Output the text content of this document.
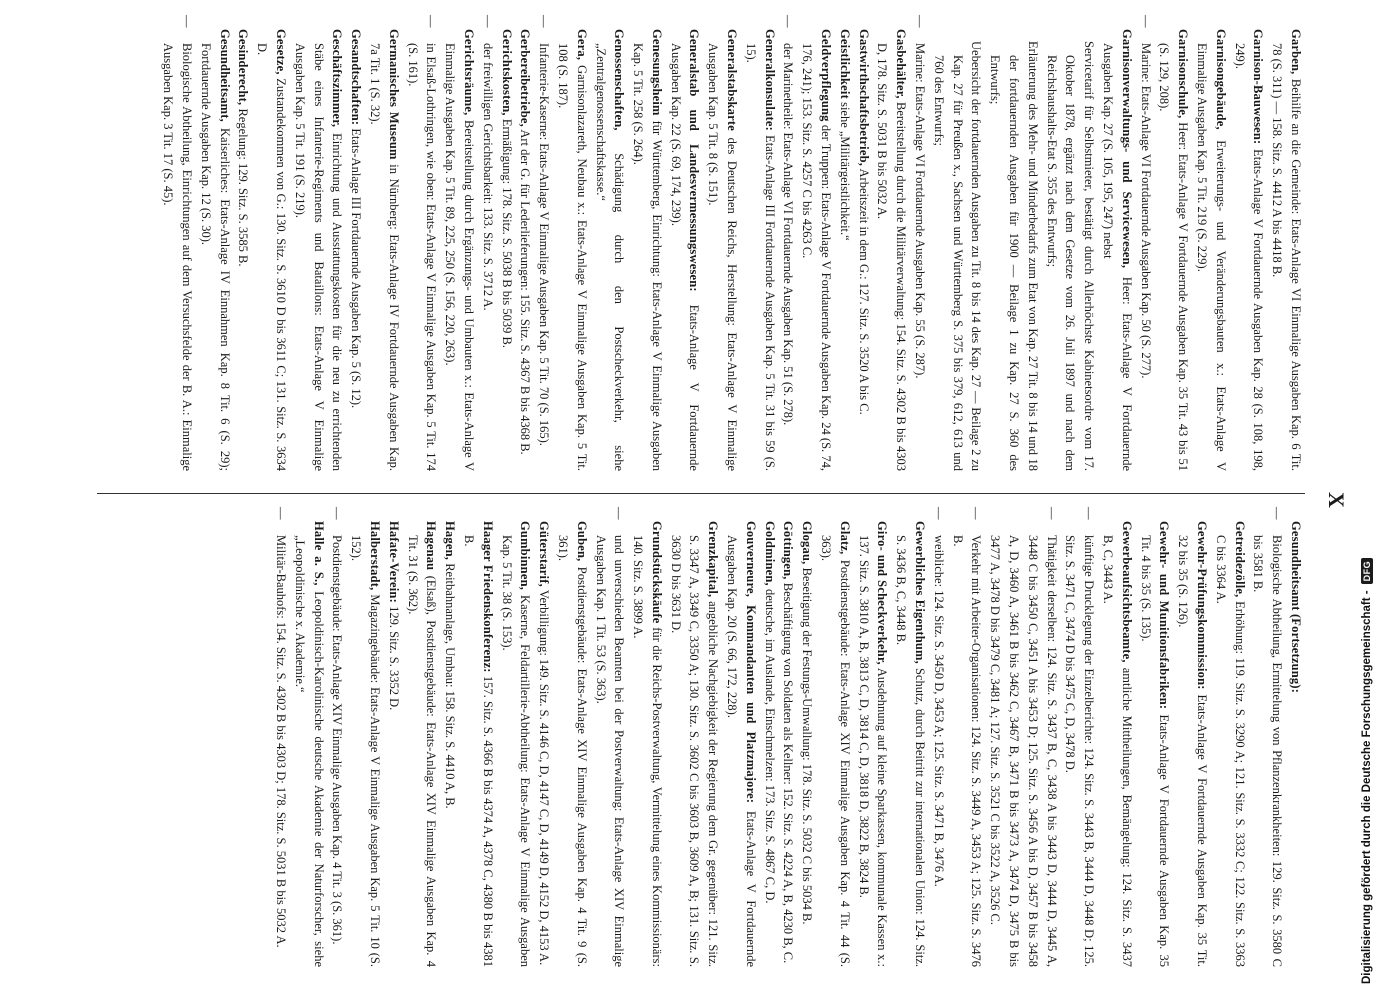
X

Garben, Beihilfe an die Gemeinde: Etats-Anlage VI Einmalige Ausgaben Kap. 6 Tit. 78 (S. 311) — 158. Sitz. S. 4412 A bis 4418 B.

Garnison-Bauwesen: Etats-Anlage V Fortdauernde Ausgaben Kap. 28 (S. 108, 198, 249).

Garnisongebäude, Erweiterungs- und Veränderungsbauten x.: Etats-Anlage V Einmalige Ausgaben Kap. 5 Tit. 219 (S. 229).

Garnisonschule, Heer: Etats-Anlage V Fortdauernde Ausgaben Kap. 35 Tit. 43 bis 51 (S. 129, 208).

—Marine: Etats-Anlage VI Fortdauernde Ausgaben Kap. 50 (S. 277).

Garnisonverwaltungs- und Servicewesen, Heer: Etats-Anlage V Fortdauernde Ausgaben Kap. 27 (S. 105, 195, 247) nebst

Servicetarif für Selbstmieter, bestätigt durch Allerhöchste Kabinetsordre vom 17. Oktober 1878, ergänzt nach dem Gesetze vom 26. Juli 1897 und nach dem Reichshaushalts-Etat S. 355 des Entwurfs;

Erläuterung des Mehr- und Minderbedarfs zum Etat von Kap. 27 Tit. 8 bis 14 und 18 der fortdauernden Ausgaben für 1900 — Beilage 1 zu Kap. 27 S. 360 des Entwurfs;

Uebersicht der fortdauernden Ausgaben zu Tit. 8 bis 14 des Kap. 27 — Beilage 2 zu Kap. 27 für Preußen x., Sachsen und Württemberg S. 375 bis 379, 612, 613 und 760 des Entwurfs;

—Marine: Etats-Anlage VI Fortdauernde Ausgaben Kap. 55 (S. 287).

Gasbehälter, Bereitstellung durch die Militärverwaltung: 154. Sitz. S. 4302 B bis 4303 D, 178. Sitz. S. 5031 B bis 5032 A.

Gastwirthschaftsbetrieb, Arbeitszeit in dem G.: 127. Sitz. S. 3520 A bis C.

Geistlichkeit siehe „Militärgeistlichkeit.“

Geldverpflegung der Truppen: Etats-Anlage V Fortdauernde Ausgaben Kap. 24 (S. 74, 176, 241); 153. Sitz. S. 4257 C bis 4263 C.

—der Marinetheile: Etats-Anlage VI Fortdauernde Ausgaben Kap. 51 (S. 278).

Generalkonsulate: Etats-Anlage III Fortdauernde Ausgaben Kap. 5 Tit. 31 bis 59 (S. 15).

Generalstabskarte des Deutschen Reichs, Herstellung: Etats-Anlage V Einmalige Ausgaben Kap. 5 Tit. 8 (S. 151).

Generalstab und Landesvermessungswesen: Etats-Anlage V Fortdauernde Ausgaben Kap. 22 (S. 69, 174, 239).

Genesungsheim für Württemberg, Einrichtung: Etats-Anlage V Einmalige Ausgaben Kap. 5 Tit. 258 (S. 264).

Genossenschaften, Schädigung durch den Postscheckverkehr, siehe „Zentralgenossenschaftskasse.“

Gera, Garnisonlazareth, Neubau x.: Etats-Anlage V Einmalige Ausgaben Kap. 5 Tit. 108 (S. 187).

—Infanterie-Kaserne: Etats-Anlage V Einmalige Ausgaben Kap. 5 Tit. 70 (S. 165).

Gerbereibetriebe, Art der G. für Lederlieferungen: 155. Sitz. S. 4367 B bis 4368 B.

Gerichtskosten, Ermäßigung: 178. Sitz. S. 5038 B bis 5039 B.

—der freiwilligen Gerichtsbarkeit: 133. Sitz. S. 3712 A.

Gerichtsräume, Bereitstellung durch Ergänzungs- und Umbauten x.: Etats-Anlage V Einmalige Ausgaben Kap. 5 Tit. 89, 225, 250 (S. 156, 220, 263).

—in Elsaß-Lothringen, wie oben: Etats-Anlage V Einmalige Ausgaben Kap. 5 Tit. 174 (S. 161).

Germanisches Museum in Nürnberg: Etats-Anlage IV Fortdauernde Ausgaben Kap. 7a Tit. 1 (S. 32).

Gesandtschaften: Etats-Anlage III Fortdauernde Ausgaben Kap. 5 (S. 12).

Geschäftszimmer, Einrichtung und Ausstattungskosten für die neu zu errichtenden Stäbe eines Infanterie-Regiments und Bataillons: Etats-Anlage V Einmalige Ausgaben Kap. 5 Tit. 191 (S. 219).

Gesetze, Zustandekommen von G.: 130. Sitz. S. 3610 D bis 3611 C; 131. Sitz. S. 3634 D.

Gesinderecht, Regelung: 129. Sitz. S. 3585 B.

Gesundheitsamt, Kaiserliches: Etats-Anlage IV Einnahmen Kap. 8 Tit. 6 (S. 29); Fortdauernde Ausgaben Kap. 12 (S. 30).

—Biologische Abtheilung, Einrichtungen auf dem Versuchsfelde der B. A.: Einmalige Ausgaben Kap. 3 Tit. 17 (S. 45).

Gesundheitsamt (Fortsetzung):

—Biologische Abtheilung, Ermittelung von Pflanzenkrankheiten: 129. Sitz. S. 3580 C bis 3581 B.

Getreidezölle, Erhöhung: 119. Sitz. S. 3290 A; 121. Sitz. S. 3332 C; 122. Sitz. S. 3363 C bis 3364 A.

Gewehr-Prüfungskommission: Etats-Anlage V Fortdauernde Ausgaben Kap. 35 Tit. 32 bis 35 (S. 126).

Gewehr- und Munitionsfabriken: Etats-Anlage V Fortdauernde Ausgaben Kap. 35 Tit. 4 bis 35 (S. 135).

Gewerbeaufsichtsbeamte, amtliche Mittheilungen, Bemängelung: 124. Sitz. S. 3437 B, C, 3443 A.

—künftige Drucklegung der Einzelberichte: 124. Sitz. S. 3443 B, 3444 D, 3448 D; 125. Sitz. S. 3471 C, 3474 D bis 3475 C, D, 3478 D.

—Thätigkeit derselben: 124. Sitz. S. 3437 B, C, 3438 A bis 3443 D, 3444 D, 3445 A, 3448 C bis 3450 C, 3451 A bis 3453 D; 125. Sitz. S. 3456 A bis D, 3457 B bis 3458 A, D, 3460 A, 3461 B bis 3462 C, 3467 B, 3471 B bis 3473 A, 3474 D, 3475 B bis 3477 A, 3478 D bis 3479 C, 3481 A; 127. Sitz. S. 3521 C bis 3522 A, 3526 C.

—Verkehr mit Arbeiter-Organisationen: 124. Sitz. S. 3449 A, 3453 A; 125. Sitz. S. 3476 B.

—weibliche: 124. Sitz. S. 3450 D, 3453 A; 125. Sitz. S. 3471 B, 3476 A.

Gewerbliches Eigenthum, Schutz, durch Beitritt zur internationalen Union: 124. Sitz. S. 3436 B, C, 3448 B.

Giro- und Scheckverkehr, Ausdehnung auf kleine Sparkassen, kommunale Kassen x.: 137. Sitz. S. 3810 A, B, 3813 C, D, 3814 C, D, 3818 D, 3822 B, 3824 B.

Glatz, Postdienstgebäude: Etats-Anlage XIV Einmalige Ausgaben Kap. 4 Tit. 44 (S. 363).

Glogau, Beseitigung der Festungs-Umwallung: 178. Sitz. S. 5032 C bis 5034 B.

Göttingen, Beschäftigung von Soldaten als Kellner: 152. Sitz. S. 4224 A, B, 4230 B, C.

Goldminen, deutsche, im Auslande, Einschmelzen: 173. Sitz. S. 4867 C, D.

Gouverneure, Kommandanten und Platzmajore: Etats-Anlage V Fortdauernde Ausgaben Kap. 20 (S. 66, 172, 228).

Grenzkapital, angebliche Nachgiebigkeit der Regierung dem Gr. gegenüber: 121. Sitz. S. 3347 A, 3349 C, 3350 A; 130. Sitz. S. 3602 C bis 3603 B, 3609 A, B; 131. Sitz. S. 3630 D bis 3631 D.

Grundstückskäufe für die Reichs-Postverwaltung, Vermittelung eines Kommissionärs: 140. Sitz. S. 3899 A.

—und unverschieden Beamten bei der Postverwaltung: Etats-Anlage XIV Einmalige Ausgaben Kap. 1 Tit. 53 (S. 363).

Guben, Postdienstgebäude: Etats-Anlage XIV Einmalige Ausgaben Kap. 4 Tit. 9 (S. 361).

Güterstarif, Verbilligung: 149. Sitz. S. 4146 C, D, 4147 C, D, 4149 D, 4152 D, 4153 A.

Gumbinnen, Kaserne, Feldartillerie-Abtheilung: Etats-Anlage V Einmalige Ausgaben Kap. 5 Tit. 38 (S. 153).

Haager Friedenskonferenz: 157. Sitz. S. 4366 B bis 4374 A, 4378 C, 4380 B bis 4381 B.

Hagen, Reitbahnanlage, Umbau: 158. Sitz. S. 4410 A, B.

Hagenau (Elsaß), Postdienstgebäude: Etats-Anlage XIV Einmalige Ausgaben Kap. 4 Tit. 31 (S. 362).

Hafate-Verein: 129. Sitz. S. 3352 D.

Halberstadt, Magazingebäude: Etats-Anlage V Einmalige Ausgaben Kap. 5 Tit. 10 (S. 152).

—Postdienstgebäude: Etats-Anlage XIV Einmalige Ausgaben Kap. 4 Tit. 3 (S. 361).

Halle a. S., Leopoldinisch-Karolinische deutsche Akademie der Naturforscher, siehe „Leopoldinische x. Akademie.“

—Militär-Bauhofs: 154. Sitz. S. 4302 B bis 4303 D; 178. Sitz. S. 5031 B bis 5032 A.	Digitalisierung gefördert durch die Deutsche Forschungsgemeinschaft -
DFG
